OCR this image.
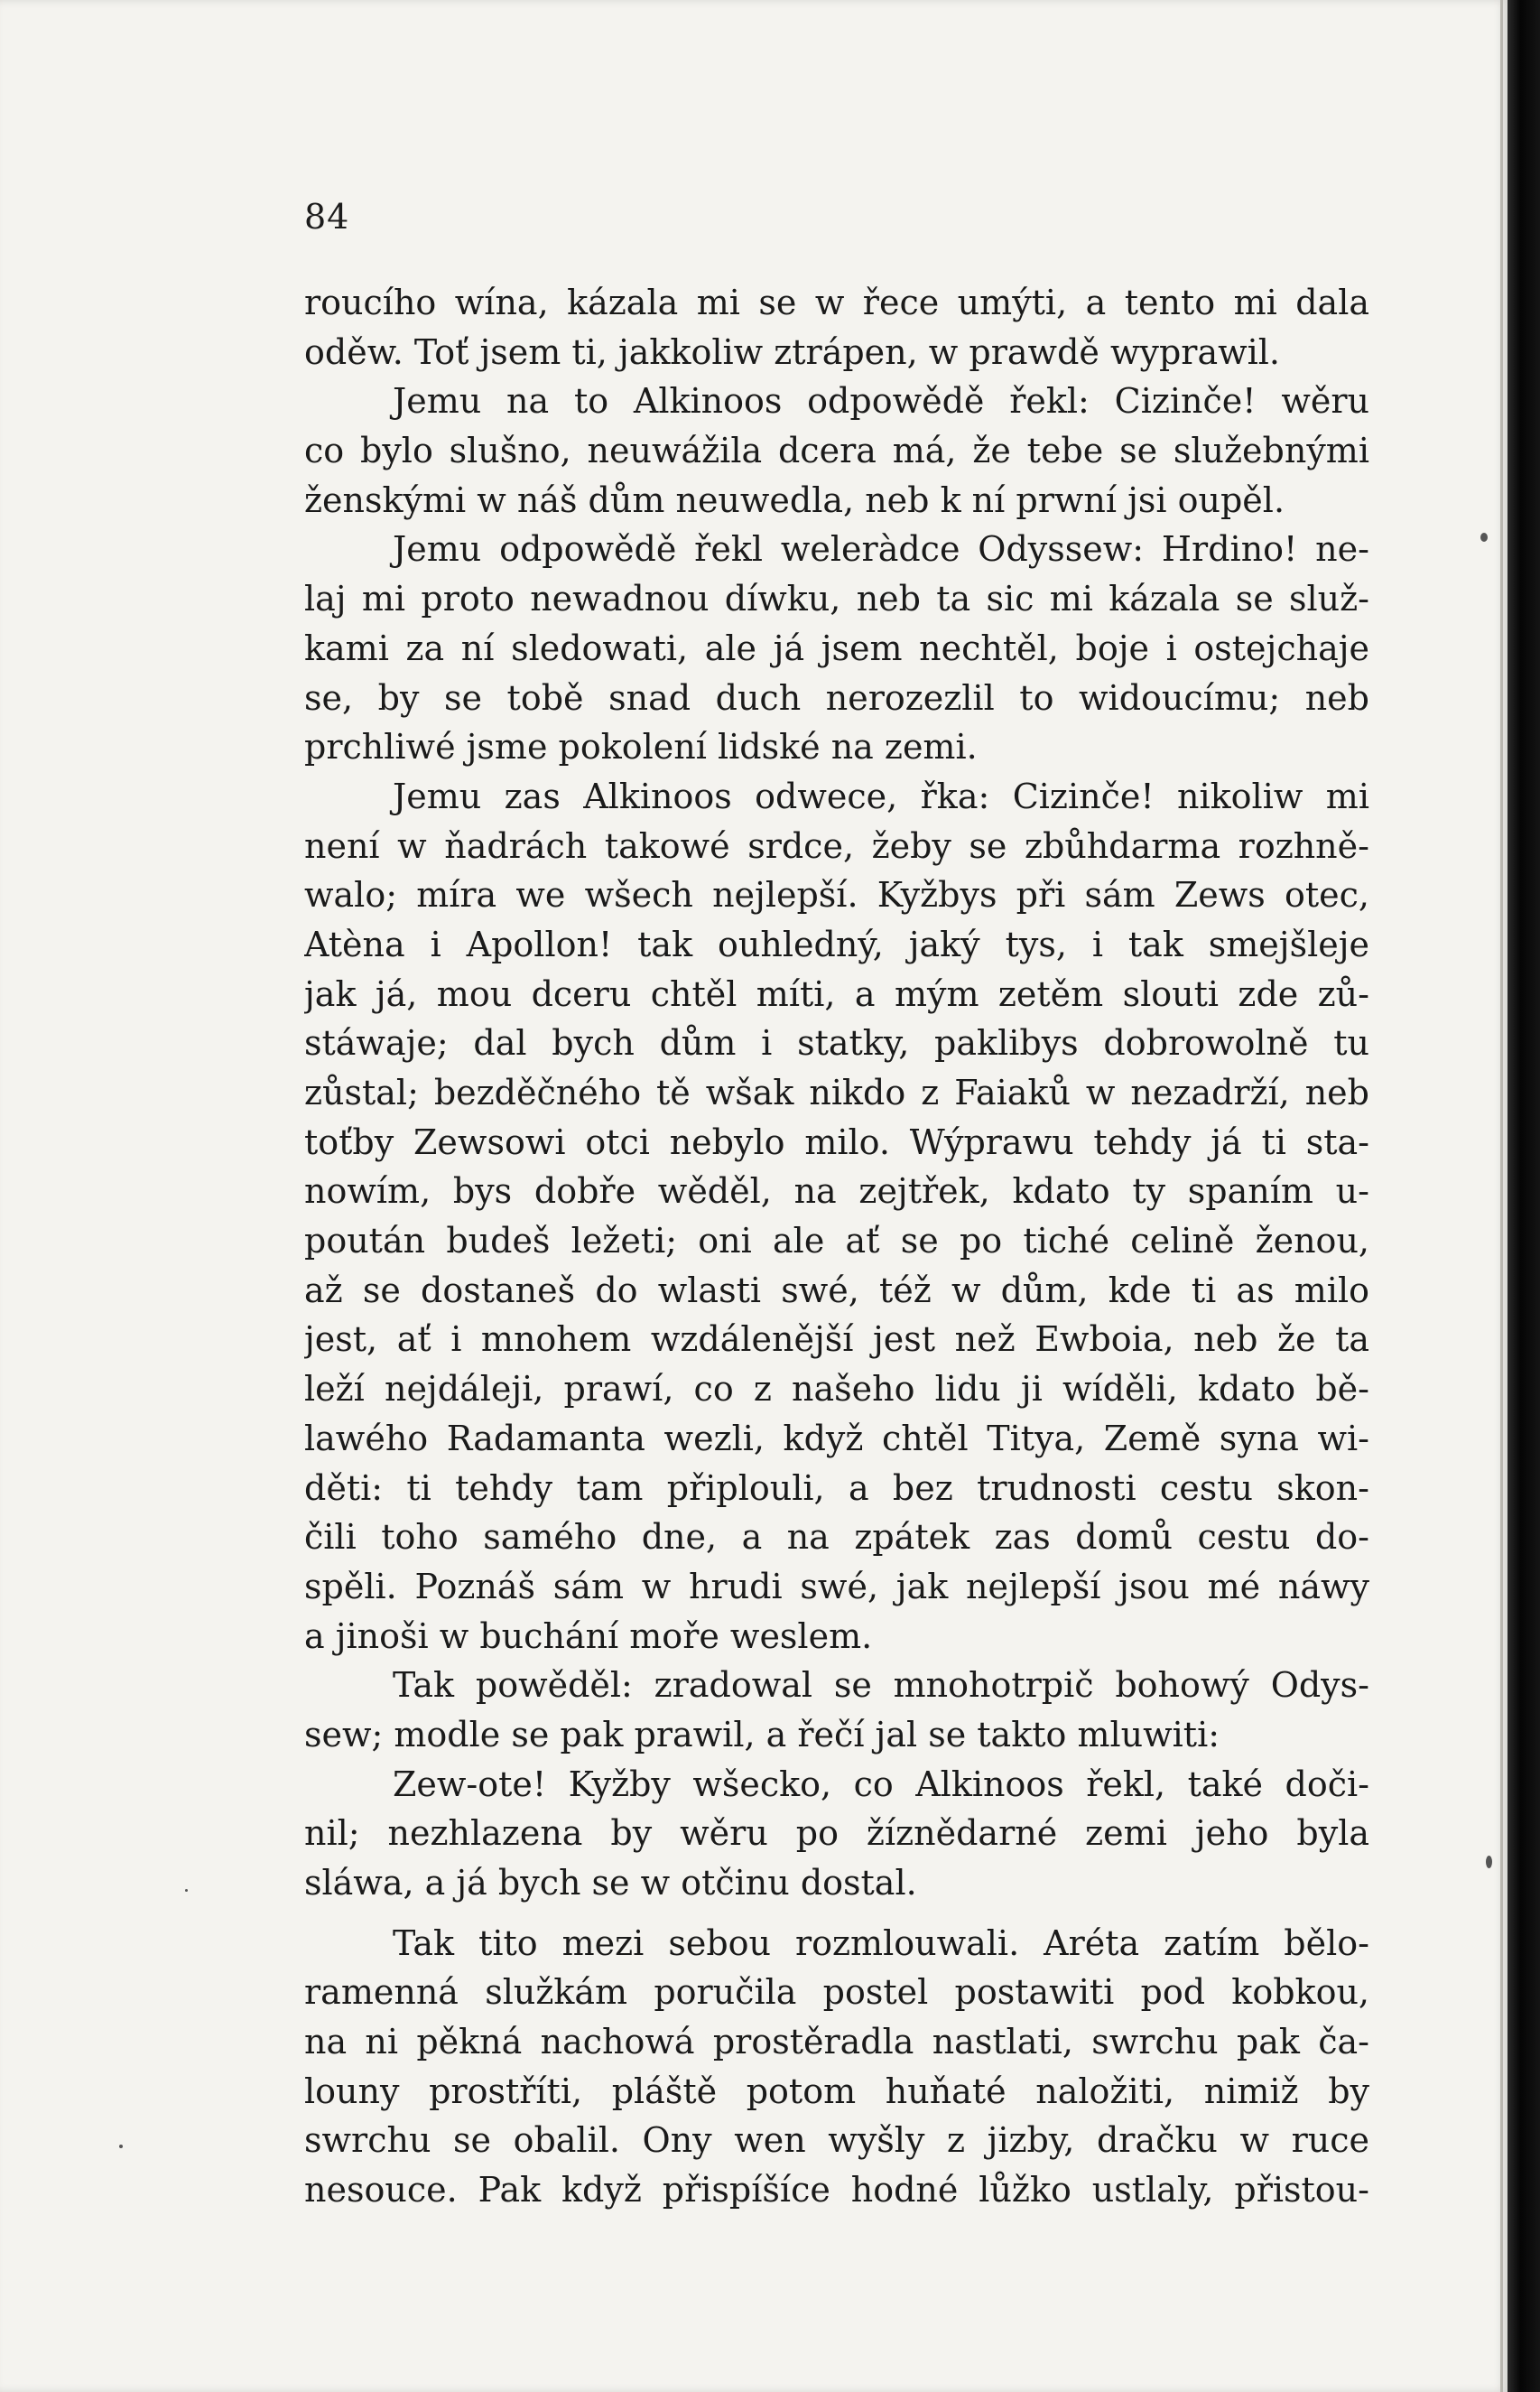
84
roucího wína, kázala mi se w řece umýti, a tento mi dala
oděw. Toť jsem ti, jakkoliw ztrápen, w prawdě wyprawil.
Jemu na to Alkinoos odpowědě řekl: Cizinče! wěru
co bylo slušno, neuwážila dcera má, že tebe se služebnými
ženskými w náš dům neuwedla, neb k ní prwní jsi oupěl.
Jemu odpowědě řekl weleràdce Odyssew: Hrdino! ne-
laj mi proto newadnou díwku, neb ta sic mi kázala se služ-
kami za ní sledowati, ale já jsem nechtěl, boje i ostejchaje
se, by se tobě snad duch nerozezlil to widoucímu; neb
prchliwé jsme pokolení lidské na zemi.
Jemu zas Alkinoos odwece, řka: Cizinče! nikoliw mi
není w ňadrách takowé srdce, žeby se zbůhdarma rozhně-
walo; míra we wšech nejlepší. Kyžbys při sám Zews otec,
Atèna i Apollon! tak ouhledný, jaký tys, i tak smejšleje
jak já, mou dceru chtěl míti, a mým zetěm slouti zde zů-
stáwaje; dal bych dům i statky, paklibys dobrowolně tu
zůstal; bezděčného tě wšak nikdo z Faiaků w nezadrží, neb
toťby Zewsowi otci nebylo milo. Wýprawu tehdy já ti sta-
nowím, bys dobře wěděl, na zejtřek, kdato ty spaním u-
poután budeš ležeti; oni ale ať se po tiché celině ženou,
až se dostaneš do wlasti swé, též w dům, kde ti as milo
jest, ať i mnohem wzdálenější jest než Ewboia, neb že ta
leží nejdáleji, prawí, co z našeho lidu ji wíděli, kdato bě-
lawého Radamanta wezli, když chtěl Titya, Země syna wi-
děti: ti tehdy tam připlouli, a bez trudnosti cestu skon-
čili toho samého dne, a na zpátek zas domů cestu do-
spěli. Poznáš sám w hrudi swé, jak nejlepší jsou mé náwy
a jinoši w buchání moře weslem.
Tak powěděl: zradowal se mnohotrpič bohowý Odys-
sew; modle se pak prawil, a řečí jal se takto mluwiti:
Zew-ote! Kyžby wšecko, co Alkinoos řekl, také doči-
nil; nezhlazena by wěru po žíznědarné zemi jeho byla
sláwa, a já bych se w otčinu dostal.
Tak tito mezi sebou rozmlouwali. Aréta zatím bělo-
ramenná služkám poručila postel postawiti pod kobkou,
na ni pěkná nachowá prostěradla nastlati, swrchu pak ča-
louny prostříti, pláště potom huňaté naložiti, nimiž by
swrchu se obalil. Ony wen wyšly z jizby, dračku w ruce
nesouce. Pak když přispíšíce hodné lůžko ustlaly, přistou-
